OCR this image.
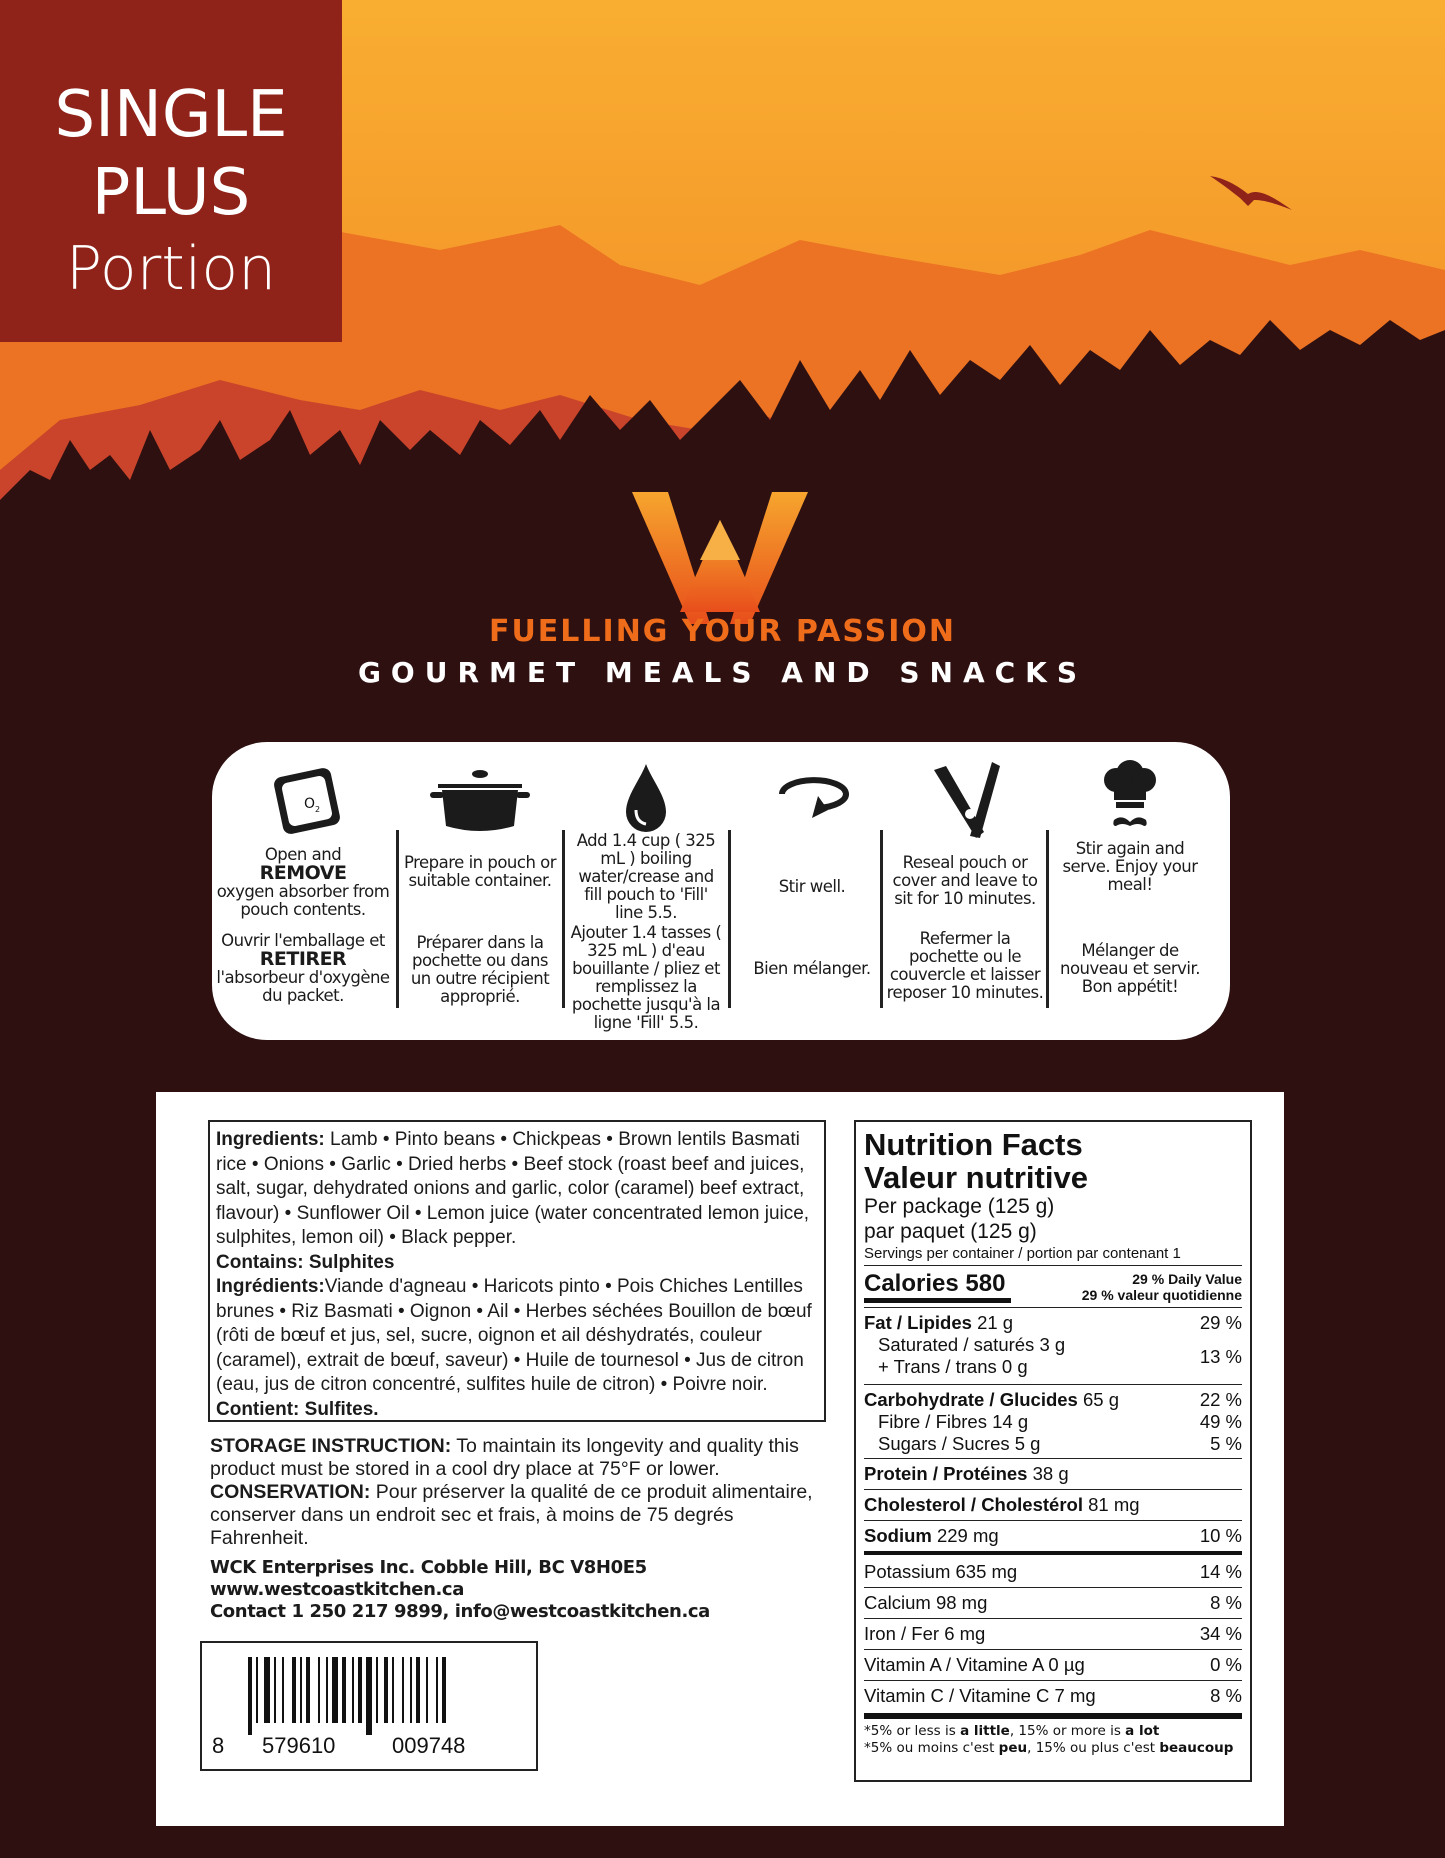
SINGLE
PLUS
Portion
FUELLING YOUR PASSION
GOURMET MEALS AND SNACKS
O 2
Open and
REMOVE
oxygen absorber from pouch contents.
Ouvrir l'emballage et RETIRER
l'absorbeur d'oxygène du packet.
Prepare in pouch or suitable container.
Préparer dans la pochette ou dans un outre récipient approprié.
Add 1.4 cup ( 325 mL ) boiling water/crease and fill pouch to 'Fill' line 5.5.
Ajouter 1.4 tasses ( 325 mL ) d'eau bouillante / pliez et remplissez la pochette jusqu'à la ligne 'Fill' 5.5.
Stir well.
Bien mélanger.
Reseal pouch or cover and leave to sit for 10 minutes.
Refermer la pochette ou le couvercle et laisser reposer 10 minutes.
Stir again and serve. Enjoy your meal!
Mélanger de nouveau et servir. Bon appétit!
Ingredients: Lamb • Pinto beans • Chickpeas • Brown lentils Basmati rice • Onions • Garlic • Dried herbs • Beef stock (roast beef and juices, salt, sugar, dehydrated onions and garlic, color (caramel) beef extract, flavour) • Sunflower Oil • Lemon juice (water concentrated lemon juice, sulphites, lemon oil) • Black pepper.
Contains: Sulphites
Ingrédients:Viande d'agneau • Haricots pinto • Pois Chiches Lentilles brunes • Riz Basmati • Oignon • Ail • Herbes séchées Bouillon de bœuf (rôti de bœuf et jus, sel, sucre, oignon et ail déshydratés, couleur (caramel), extrait de bœuf, saveur) • Huile de tournesol • Jus de citron (eau, jus de citron concentré, sulfites huile de citron) • Poivre noir. Contient: Sulfites.
STORAGE INSTRUCTION: To maintain its longevity and quality this product must be stored in a cool dry place at 75°F or lower.
CONSERVATION: Pour préserver la qualité de ce produit alimentaire, conserver dans un endroit sec et frais, à moins de 75 degrés Fahrenheit.
WCK Enterprises Inc. Cobble Hill, BC V8H0E5
www.westcoastkitchen.ca
Contact 1 250 217 9899, info@westcoastkitchen.ca
8	579610	009748
Nutrition Facts
Valeur nutritive
Per package (125 g)
par paquet (125 g)
Servings per container / portion par contenant 1
Calories 580	29 % Daily Value
29 % valeur quotidienne
Fat / Lipides 21 g	29 %
Saturated / saturés 3 g
+ Trans / trans 0 g	13 %
Carbohydrate / Glucides 65 g	22 %
Fibre / Fibres 14 g	49 %
Sugars / Sucres 5 g	5 %
Protein / Protéines 38 g
Cholesterol / Cholestérol 81 mg
Sodium 229 mg	10 %
Potassium 635 mg	14 %
Calcium 98 mg	8 %
Iron / Fer 6 mg	34 %
Vitamin A / Vitamine A 0 µg	0 %
Vitamin C / Vitamine C 7 mg	8 %
*5% or less is a little, 15% or more is a lot
*5% ou moins c'est peu, 15% ou plus c'est beaucoup
